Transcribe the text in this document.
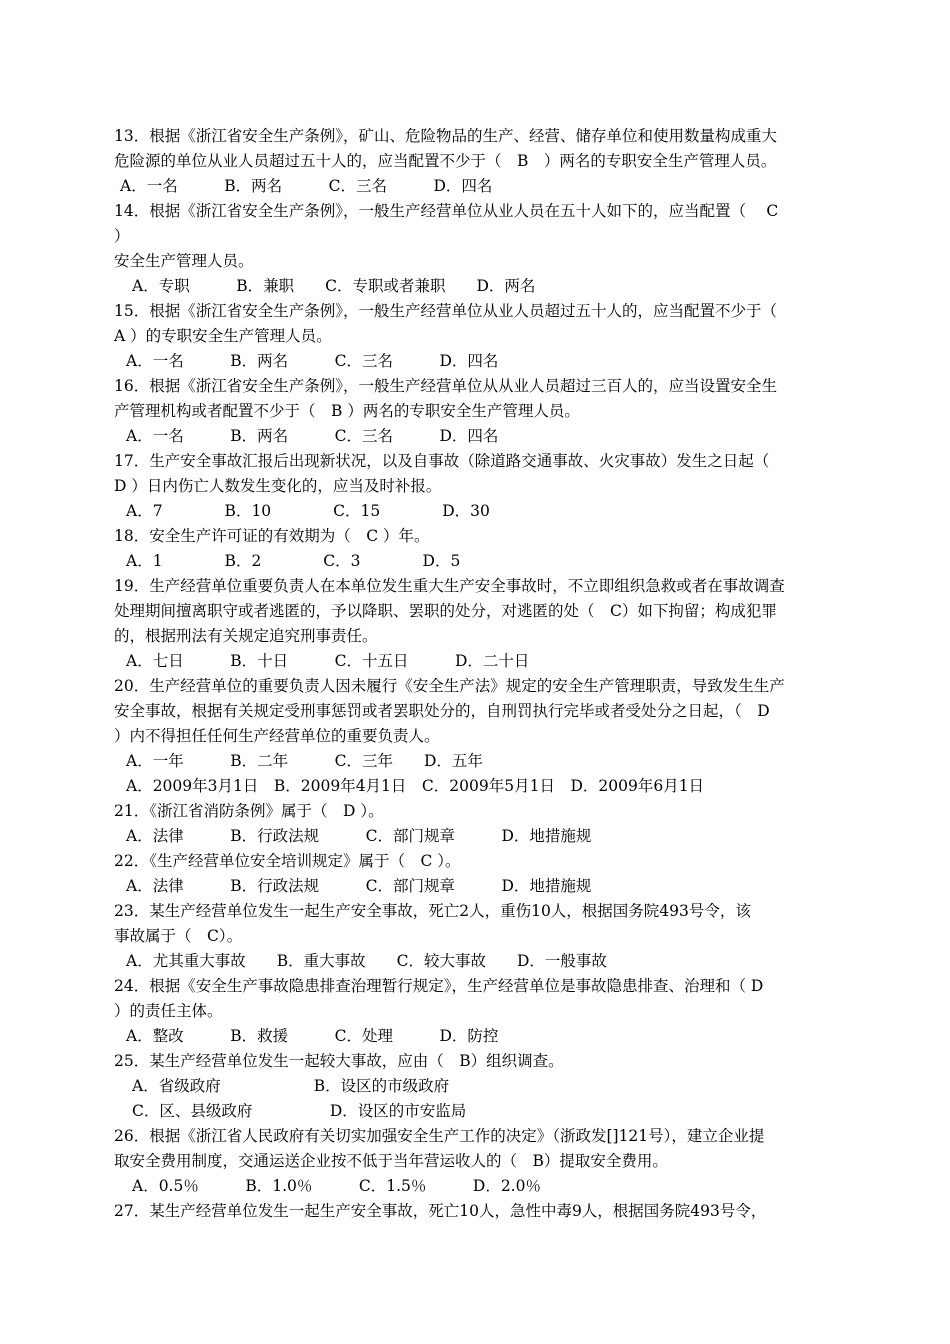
13．根据《浙江省安全生产条例》，矿山、危险物品的生产、经营、储存单位和使用数量构成重大
危险源的单位从业人员超过五十人的，应当配置不少于（　B　）两名的专职安全生产管理人员。
A．一名　　　B．两名　　　C．三名　　　D．四名
14．根据《浙江省安全生产条例》，一般生产经营单位从业人员在五十人如下的，应当配置（　 C
）
安全生产管理人员。
A．专职　　　B．兼职　　C．专职或者兼职　　D．两名
15．根据《浙江省安全生产条例》，一般生产经营单位从业人员超过五十人的，应当配置不少于（
A ）的专职安全生产管理人员。
A．一名　　　B．两名　　　C．三名　　　D．四名
16．根据《浙江省安全生产条例》，一般生产经营单位从从业人员超过三百人的，应当设置安全生
产管理机构或者配置不少于（　B ）两名的专职安全生产管理人员。
A．一名　　　B．两名　　　C．三名　　　D．四名
17．生产安全事故汇报后出现新状况，以及自事故（除道路交通事故、火灾事故）发生之日起（
D ）日内伤亡人数发生变化的，应当及时补报。
A．7　　　　B．10　　　　C．15　　　　D．30
18．安全生产许可证的有效期为（　C ）年。
A．1　　　　B．2　　　　C．3　　　　D．5
19．生产经营单位重要负责人在本单位发生重大生产安全事故时，不立即组织急救或者在事故调查
处理期间擅离职守或者逃匿的，予以降职、罢职的处分，对逃匿的处（　C）如下拘留；构成犯罪
的，根据刑法有关规定追究刑事责任。
A．七日　　　B．十日　　　C．十五日　　　D．二十日
20．生产经营单位的重要负责人因未履行《安全生产法》规定的安全生产管理职责，导致发生生产
安全事故，根据有关规定受刑事惩罚或者罢职处分的，自刑罚执行完毕或者受处分之日起，（　D
）内不得担任任何生产经营单位的重要负责人。
A．一年　　　B．二年　　　C．三年　　D．五年
A．2009年3月1日　B．2009年4月1日　C．2009年5月1日　D．2009年6月1日
21．《浙江省消防条例》属于（　D ）。
A．法律　　　B．行政法规　　　C．部门规章　　　D．地措施规
22．《生产经营单位安全培训规定》属于（　C ）。
A．法律　　　B．行政法规　　　C．部门规章　　　D．地措施规
23．某生产经营单位发生一起生产安全事故，死亡2人，重伤10人，根据国务院493号令，该
事故属于（　C）。
A．尤其重大事故　　B．重大事故　　C．较大事故　　D．一般事故
24．根据《安全生产事故隐患排查治理暂行规定》，生产经营单位是事故隐患排查、治理和（ D
）的责任主体。
A．整改　　　B．救援　　　C．处理　　　D．防控
25．某生产经营单位发生一起较大事故，应由（　B）组织调查。
A．省级政府　　　　　　B．设区的市级政府
C．区、县级政府　　　　　D．设区的市安监局
26．根据《浙江省人民政府有关切实加强安全生产工作的决定》（浙政发[]121号），建立企业提
取安全费用制度，交通运送企业按不低于当年营运收人的（　B）提取安全费用。
A．0.5％　　　B．1.0％　　　C．1.5％　　　D．2.0％
27．某生产经营单位发生一起生产安全事故，死亡10人，急性中毒9人，根据国务院493号令，
